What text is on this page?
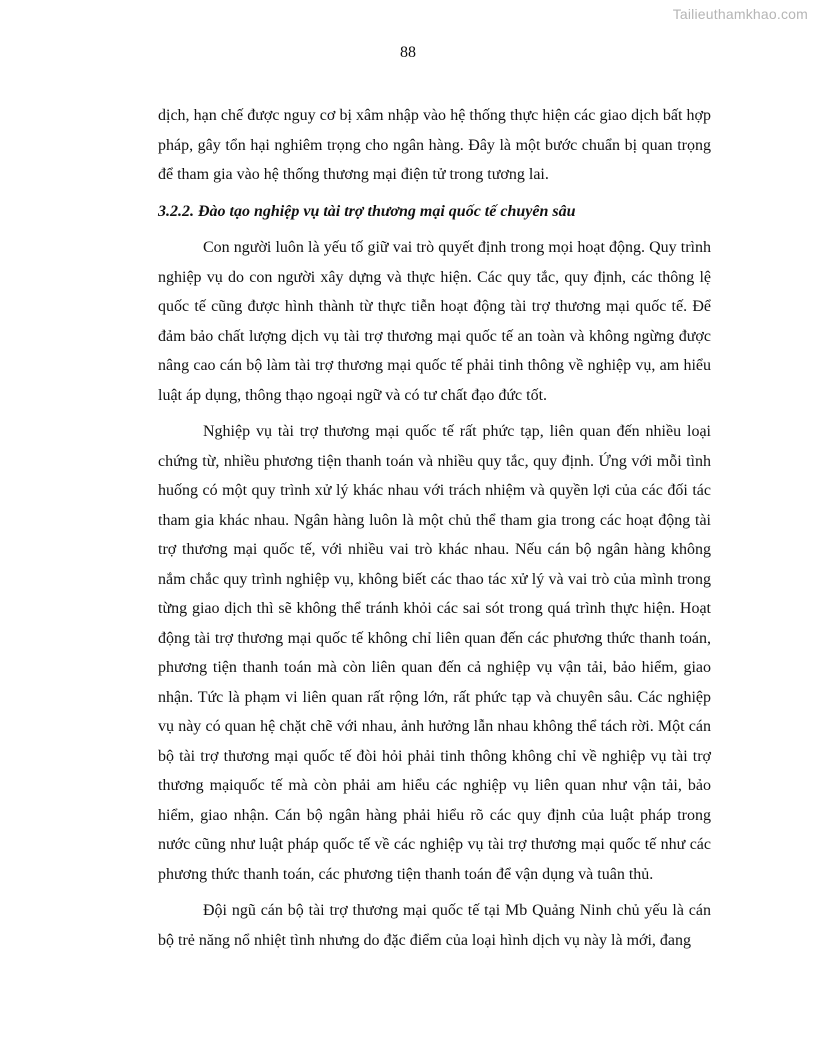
Tailieuthamkhao.com
88

dịch, hạn chế được nguy cơ bị xâm nhập vào hệ thống thực hiện các giao dịch bất hợp pháp, gây tổn hại nghiêm trọng cho ngân hàng. Đây là một bước chuẩn bị quan trọng để tham gia vào hệ thống thương mại điện tử trong tương lai.

3.2.2. Đào tạo nghiệp vụ tài trợ thương mại quốc tế chuyên sâu

Con người luôn là yếu tố giữ vai trò quyết định trong mọi hoạt động. Quy trình nghiệp vụ do con người xây dựng và thực hiện. Các quy tắc, quy định, các thông lệ quốc tế cũng được hình thành từ thực tiễn hoạt động tài trợ thương mại quốc tế. Để đảm bảo chất lượng dịch vụ tài trợ thương mại quốc tế an toàn và không ngừng được nâng cao cán bộ làm tài trợ thương mại quốc tế phải tinh thông về nghiệp vụ, am hiểu luật áp dụng, thông thạo ngoại ngữ và có tư chất đạo đức tốt.

Nghiệp vụ tài trợ thương mại quốc tế rất phức tạp, liên quan đến nhiều loại chứng từ, nhiều phương tiện thanh toán và nhiều quy tắc, quy định. Ứng với mỗi tình huống có một quy trình xử lý khác nhau với trách nhiệm và quyền lợi của các đối tác tham gia khác nhau. Ngân hàng luôn là một chủ thể tham gia trong các hoạt động tài trợ thương mại quốc tế, với nhiều vai trò khác nhau. Nếu cán bộ ngân hàng không nắm chắc quy trình nghiệp vụ, không biết các thao tác xử lý và vai trò của mình trong từng giao dịch thì sẽ không thể tránh khỏi các sai sót trong quá trình thực hiện. Hoạt động tài trợ thương mại quốc tế không chỉ liên quan đến các phương thức thanh toán, phương tiện thanh toán mà còn liên quan đến cả nghiệp vụ vận tải, bảo hiểm, giao nhận. Tức là phạm vi liên quan rất rộng lớn, rất phức tạp và chuyên sâu. Các nghiệp vụ này có quan hệ chặt chẽ với nhau, ảnh hưởng lẫn nhau không thể tách rời. Một cán bộ tài trợ thương mại quốc tế đòi hỏi phải tinh thông không chỉ về nghiệp vụ tài trợ thương mạiquốc tế mà còn phải am hiểu các nghiệp vụ liên quan như vận tải, bảo hiểm, giao nhận. Cán bộ ngân hàng phải hiểu rõ các quy định của luật pháp trong nước cũng như luật pháp quốc tế về các nghiệp vụ tài trợ thương mại quốc tế như các phương thức thanh toán, các phương tiện thanh toán để vận dụng và tuân thủ.

Đội ngũ cán bộ tài trợ thương mại quốc tế tại Mb Quảng Ninh chủ yếu là cán bộ trẻ năng nổ nhiệt tình nhưng do đặc điểm của loại hình dịch vụ này là mới, đang
